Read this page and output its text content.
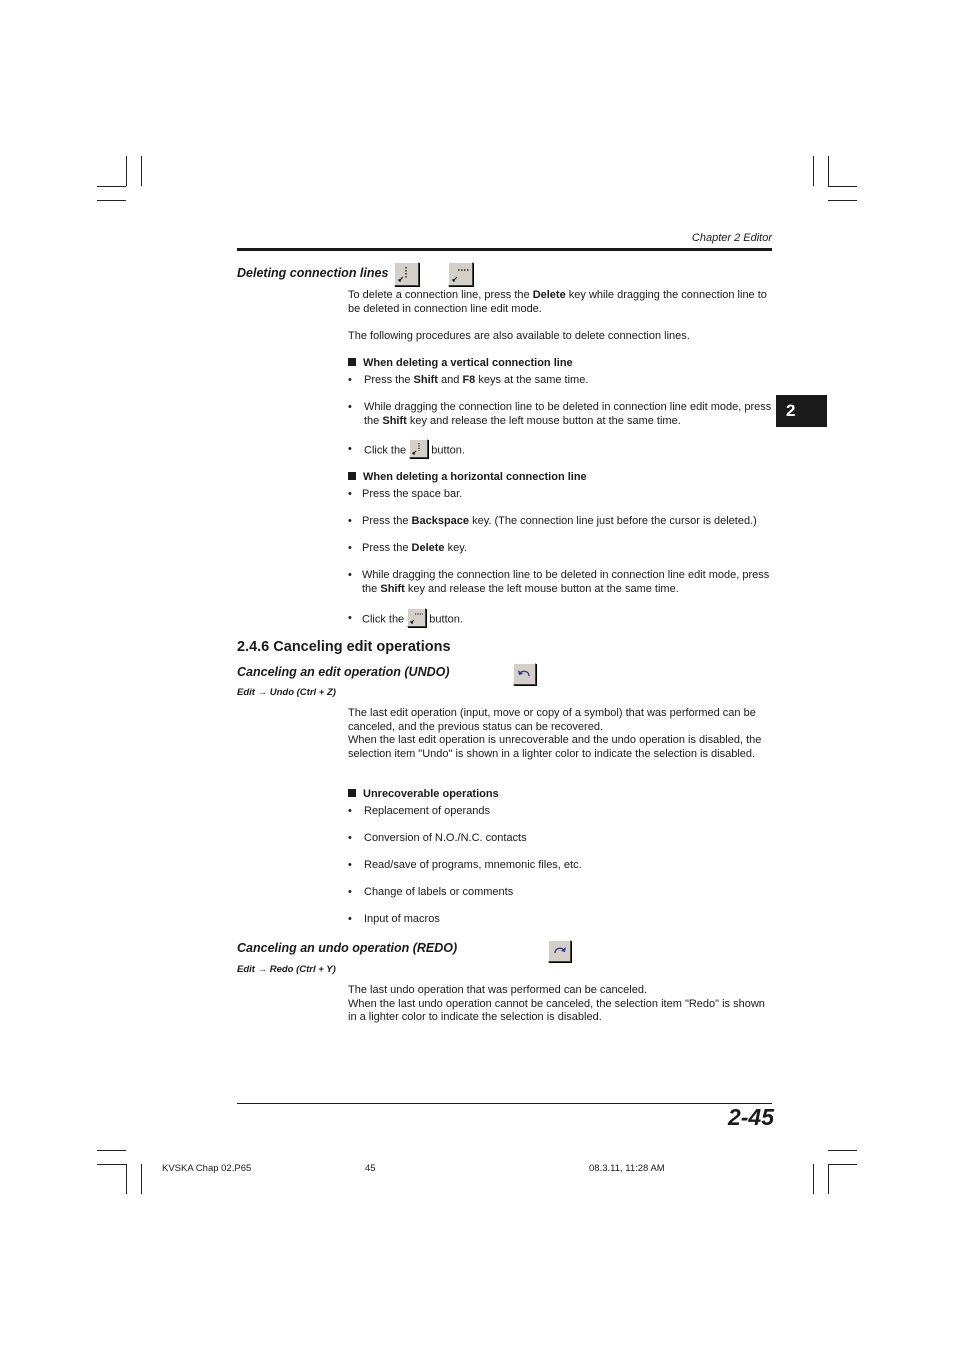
Chapter 2 Editor
2
Deleting connection lines

To delete a connection line, press the Delete key while dragging the connection line to be deleted in connection line edit mode.
The following procedures are also available to delete connection lines.
When deleting a vertical connection line
•	Press the Shift and F8 keys at the same time.
•	While dragging the connection line to be deleted in connection line edit mode, press the Shift key and release the left mouse button at the same time.
•	Click the
button.
When deleting a horizontal connection line
• Press the space bar.
• Press the Backspace key. (The connection line just before the cursor is deleted.)
• Press the Delete key.
• While dragging the connection line to be deleted in connection line edit mode, press the Shift key and release the left mouse button at the same time.
• Click the
button.
2.4.6 Canceling edit operations
Canceling an edit operation (UNDO)

Edit → Undo (Ctrl + Z)
The last edit operation (input, move or copy of a symbol) that was performed can be canceled, and the previous status can be recovered.
When the last edit operation is unrecoverable and the undo operation is disabled, the selection item "Undo" is shown in a lighter color to indicate the selection is disabled.
Unrecoverable operations
•	Replacement of operands
•	Conversion of N.O./N.C. contacts
•	Read/save of programs, mnemonic files, etc.
•	Change of labels or comments
•	Input of macros
Canceling an undo operation (REDO)
Edit → Redo (Ctrl + Y)
The last undo operation that was performed can be canceled.
When the last undo operation cannot be canceled, the selection item "Redo" is shown in a lighter color to indicate the selection is disabled.
2-45
KVSKA Chap 02.P65	45	08.3.11, 11:28 AM
